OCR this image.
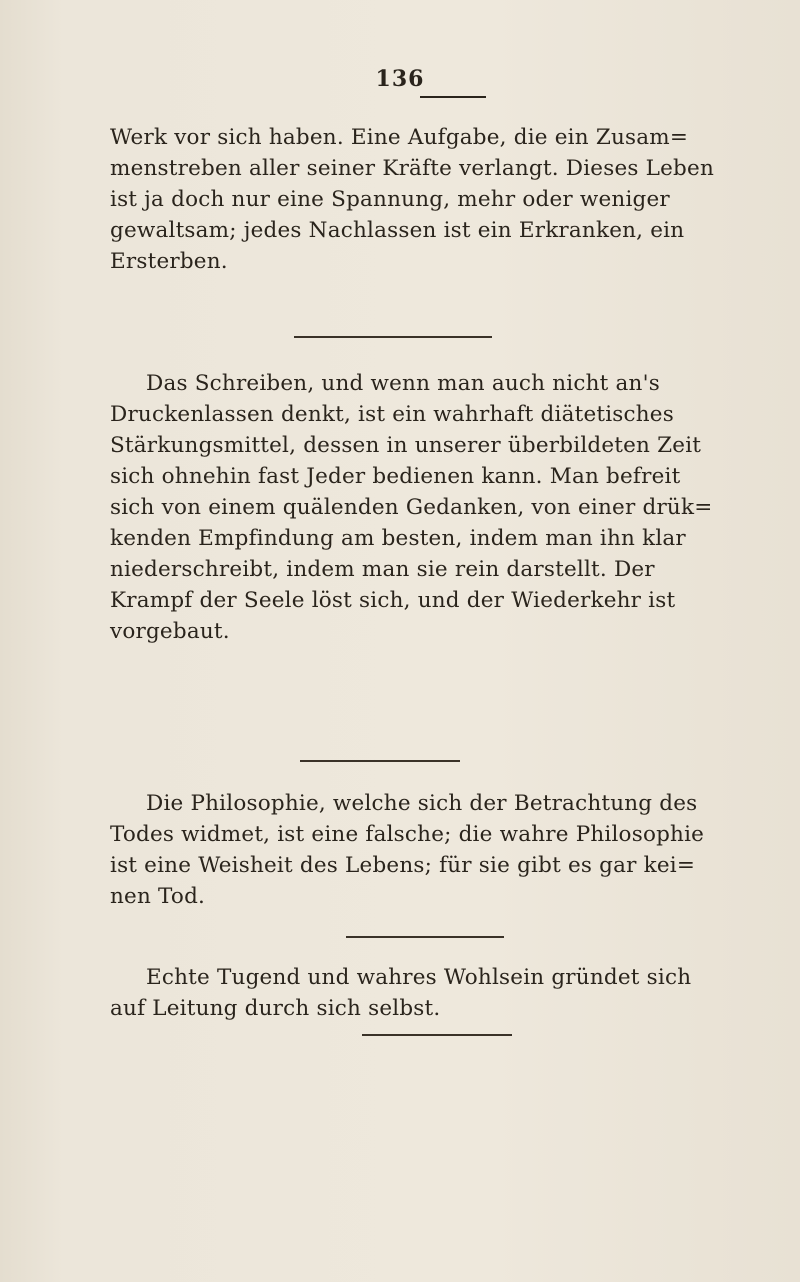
136

Werk vor sich haben. Eine Aufgabe, die ein Zusam=
menstreben aller seiner Kräfte verlangt. Dieses Leben
ist ja doch nur eine Spannung, mehr oder weniger
gewaltsam; jedes Nachlassen ist ein Erkranken, ein
Ersterben.

Das Schreiben, und wenn man auch nicht an's
Druckenlassen denkt, ist ein wahrhaft diätetisches
Stärkungsmittel, dessen in unserer überbildeten Zeit
sich ohnehin fast Jeder bedienen kann. Man befreit
sich von einem quälenden Gedanken, von einer drük=
kenden Empfindung am besten, indem man ihn klar
niederschreibt, indem man sie rein darstellt. Der
Krampf der Seele löst sich, und der Wiederkehr ist
vorgebaut.

Die Philosophie, welche sich der Betrachtung des
Todes widmet, ist eine falsche; die wahre Philosophie
ist eine Weisheit des Lebens; für sie gibt es gar kei=
nen Tod.

Echte Tugend und wahres Wohlsein gründet sich
auf Leitung durch sich selbst.
